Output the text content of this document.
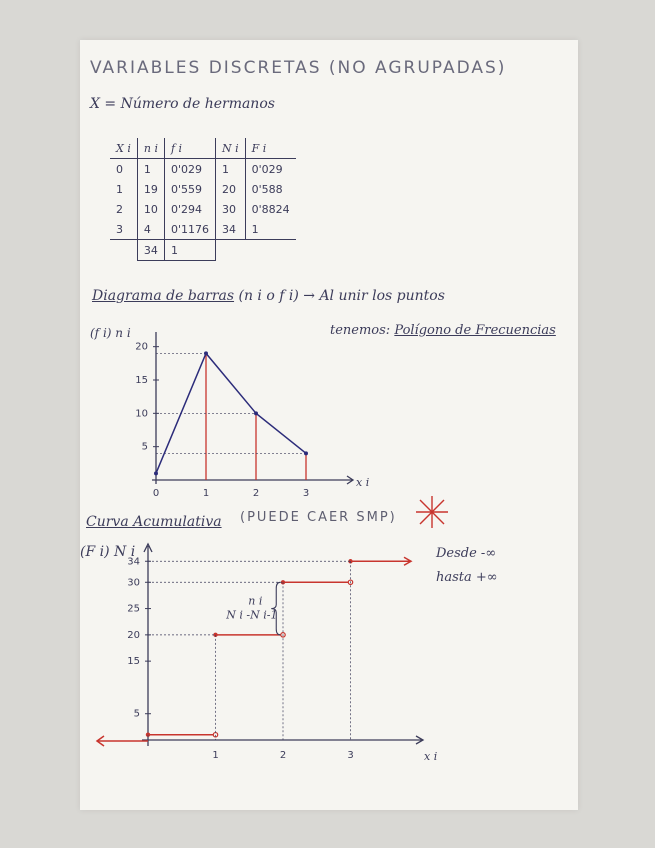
VARIABLES DISCRETAS (NO AGRUPADAS)
X = Número de hermanos
X i	n i	f i	N i	F i
0	1	0'029	1	0'029
1	19	0'559	20	0'588
2	10	0'294	30	0'8824
3	4	0'1176	34	1
	34	1		
Diagrama de barras (n i o f i) → Al unir los puntos
tenemos: Polígono de Frecuencias
(f i) n i
Curva Acumulativa (PUEDE CAER SMP)
(F i) N i	Desde -∞
hasta +∞
5
10
15
20
0	1	2	3
x i
5
15
20
25
30
34
1	2	3	x i
n i
N i -N i-1
